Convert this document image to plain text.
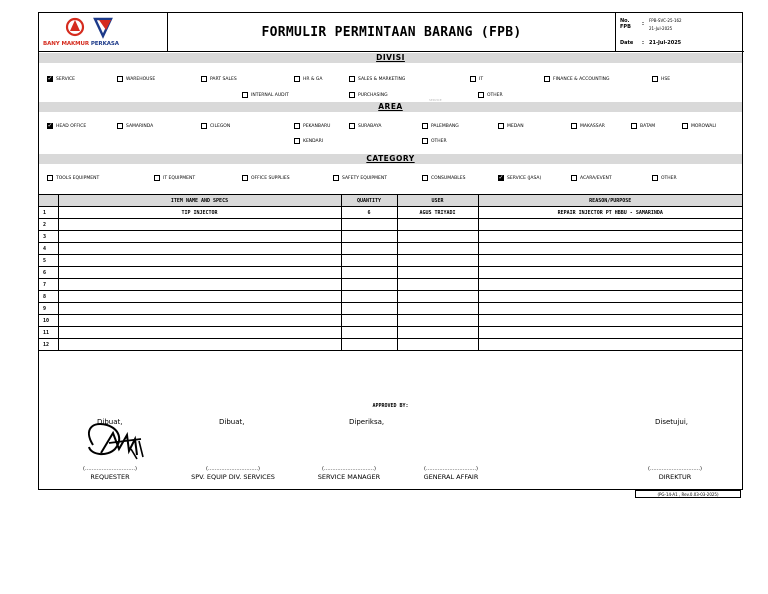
BANY MAKMUR PERKASA
FORMULIR PERMINTAAN BARANG (FPB)
No.
FPB :
FPB-SVC-25-162
21-Jul-2025
Date : 21-Jul-2025
DIVISI
✓ SERVICE	WAREHOUSE	PART SALES	HR & GA	SALES & MARKETING	IT	FINANCE & ACCOUNTING	HSE
INTERNAL AUDIT	PURCHASING	OTHER
SERVICE
AREA
✓ HEAD OFFICE	SAMARINDA	CILEGON	PEKANBARU	SURABAYA	PALEMBANG	MEDAN	MAKASSAR	BATAM	MOROWALI
KENDARI	OTHER
CATEGORY
TOOLS EQUIPMENT	IT EQUIPMENT	OFFICE SUPPLIES	SAFETY EQUIPMENT	CONSUMABLES	✓ SERVICE (JASA)	ACARA/EVENT	OTHER
	ITEM NAME AND SPECS	QUANTITY	USER	REASON/PURPOSE
1	TIP INJECTOR	6	AGUS TRIYADI	REPAIR INJECTOR PT HBBU - SAMARINDA
2				
3				
4				
5				
6				
7				
8				
9				
10				
11				
12				
APPROVED BY:
Dibuat,	Dibuat,	Diperiksa,	Disetujui,
(…………………………)
REQUESTER
(…………………………)
SPV. EQUIP DIV. SERVICES
(…………………………)
SERVICE MANAGER
(…………………………)
GENERAL AFFAIR
(…………………………)
DIREKTUR
(PG-14-A1 , Rev.0.03-03-2025)
